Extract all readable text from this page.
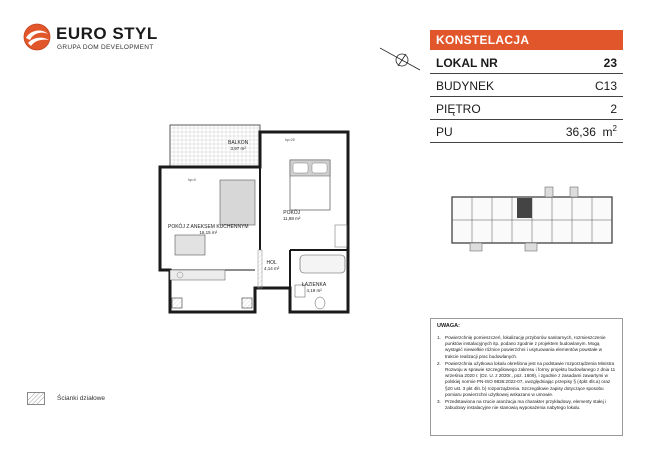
EURO STYL
GRUPA DOM DEVELOPMENT
KONSTELACJA
LOKAL NR	23
BUDYNEK	C13
PIĘTRO	2
PU	36,36 $m^2$
BALKON
3,97 m²
hp=20
hp=0
POKÓJ
11,88 m²
POKÓJ Z ANEKSEM KUCHENNYM
16,15 m²
HOL
4,14 m²
ŁAZIENKA
4,19 m²
UWAGA:
1. Powierzchnię pomieszczeń, lokalizację przyborów sanitarnych, rozmieszczenie punktów instalacyjnych itp. podano zgodnie z projektem budowlanym. Mogą wystąpić niewielkie różnice powierzchni i usytuowania elementów powstałe w trakcie realizacji prac budowlanych.
2. Powierzchnia użytkowa lokalu określona jest na podstawie rozporządzenia Ministra Rozwoju w sprawie szczegółowego zakresu i formy projektu budowlanego z dnia 11 września 2020 r. (Dz. U. z 2020r., poz. 1609), i zgodnie z zasadami zawartymi w polskiej normie PN-ISO 9836:2022-07, uwzględniając przepisy § (4pkt 4lit.a) oraz §20 ust. 3 pkt 4lit. b) rozporządzenia. Szczegółowe zapisy dotyczące sposobu pomiaru powierzchni użytkowej wskazano w umowie.
3. Przedstawiona na rzucie aranżacja ma charakter przykładowy, elementy stałej i zabudowy instalacyjne nie stanowią wyposażenia nabytego lokalu.
Ścianki działowe
